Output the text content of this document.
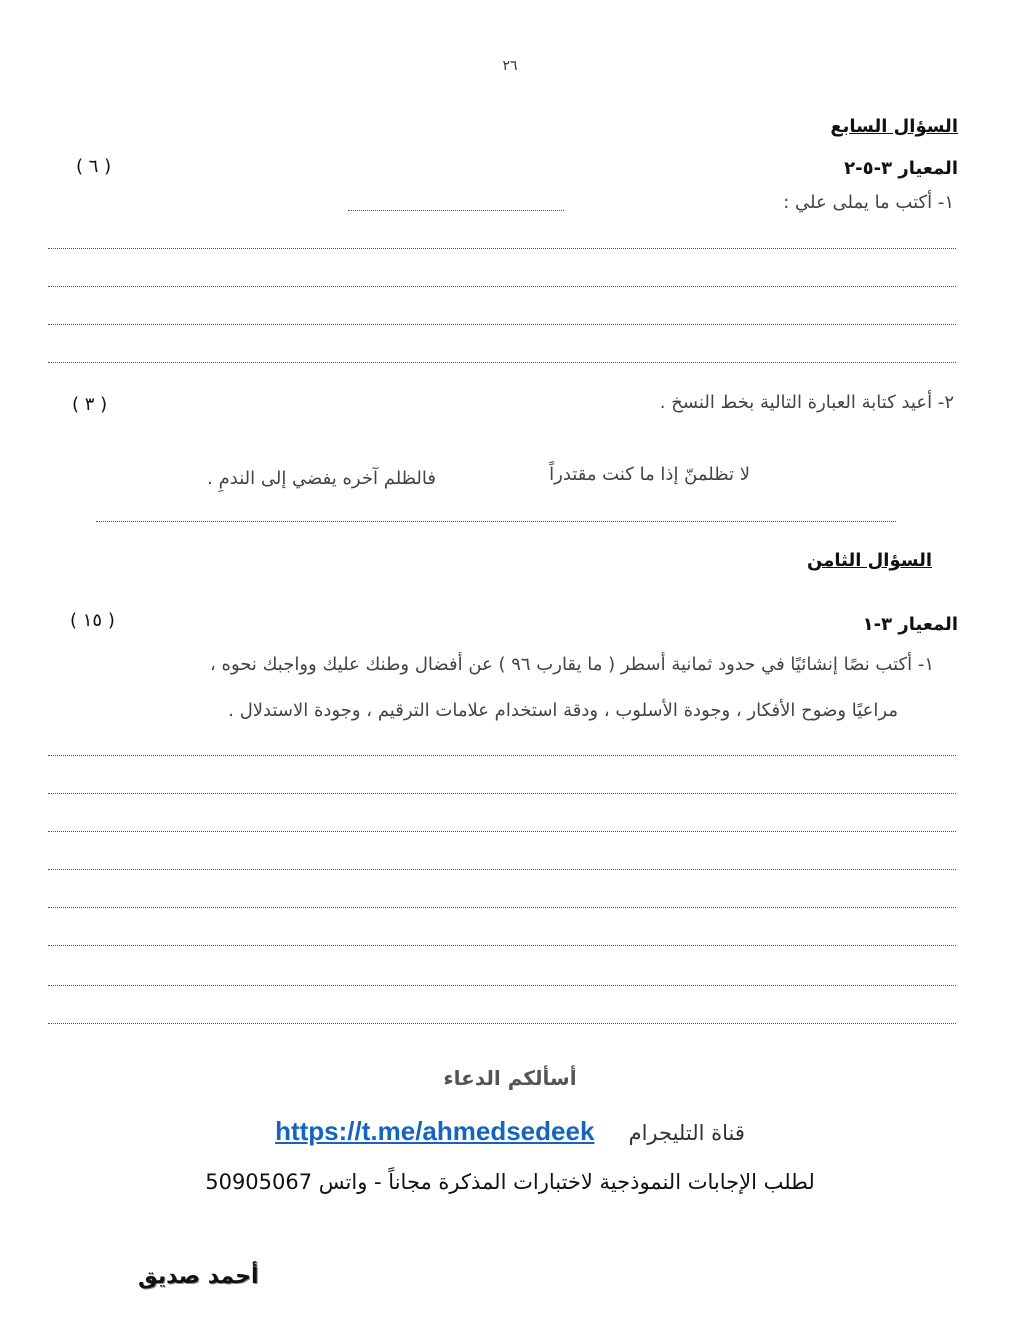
٢٦
السؤال السابع
المعيار ٣-٥-٢
( ٦ )
١- أكتب ما يملى علي :
٢- أعيد كتابة العبارة التالية بخط النسخ .
( ٣ )
لا تظلمنّ إذا ما كنت مقتدراً
فالظلم آخره يفضي إلى الندمِ .
السؤال الثامن
المعيار ٣-١
( ١٥ )
١- أكتب نصًا إنشائيًا في حدود ثمانية أسطر ( ما يقارب ٩٦ ) عن أفضال وطنك عليك وواجبك نحوه ،
مراعيًا وضوح الأفكار ، وجودة الأسلوب ، ودقة استخدام علامات الترقيم ، وجودة الاستدلال .
أسألكم الدعاء
https://t.me/ahmedsedeek قناة التليجرام
لطلب الإجابات النموذجية لاختبارات المذكرة مجاناً - واتس 50905067
أحمد صديق
